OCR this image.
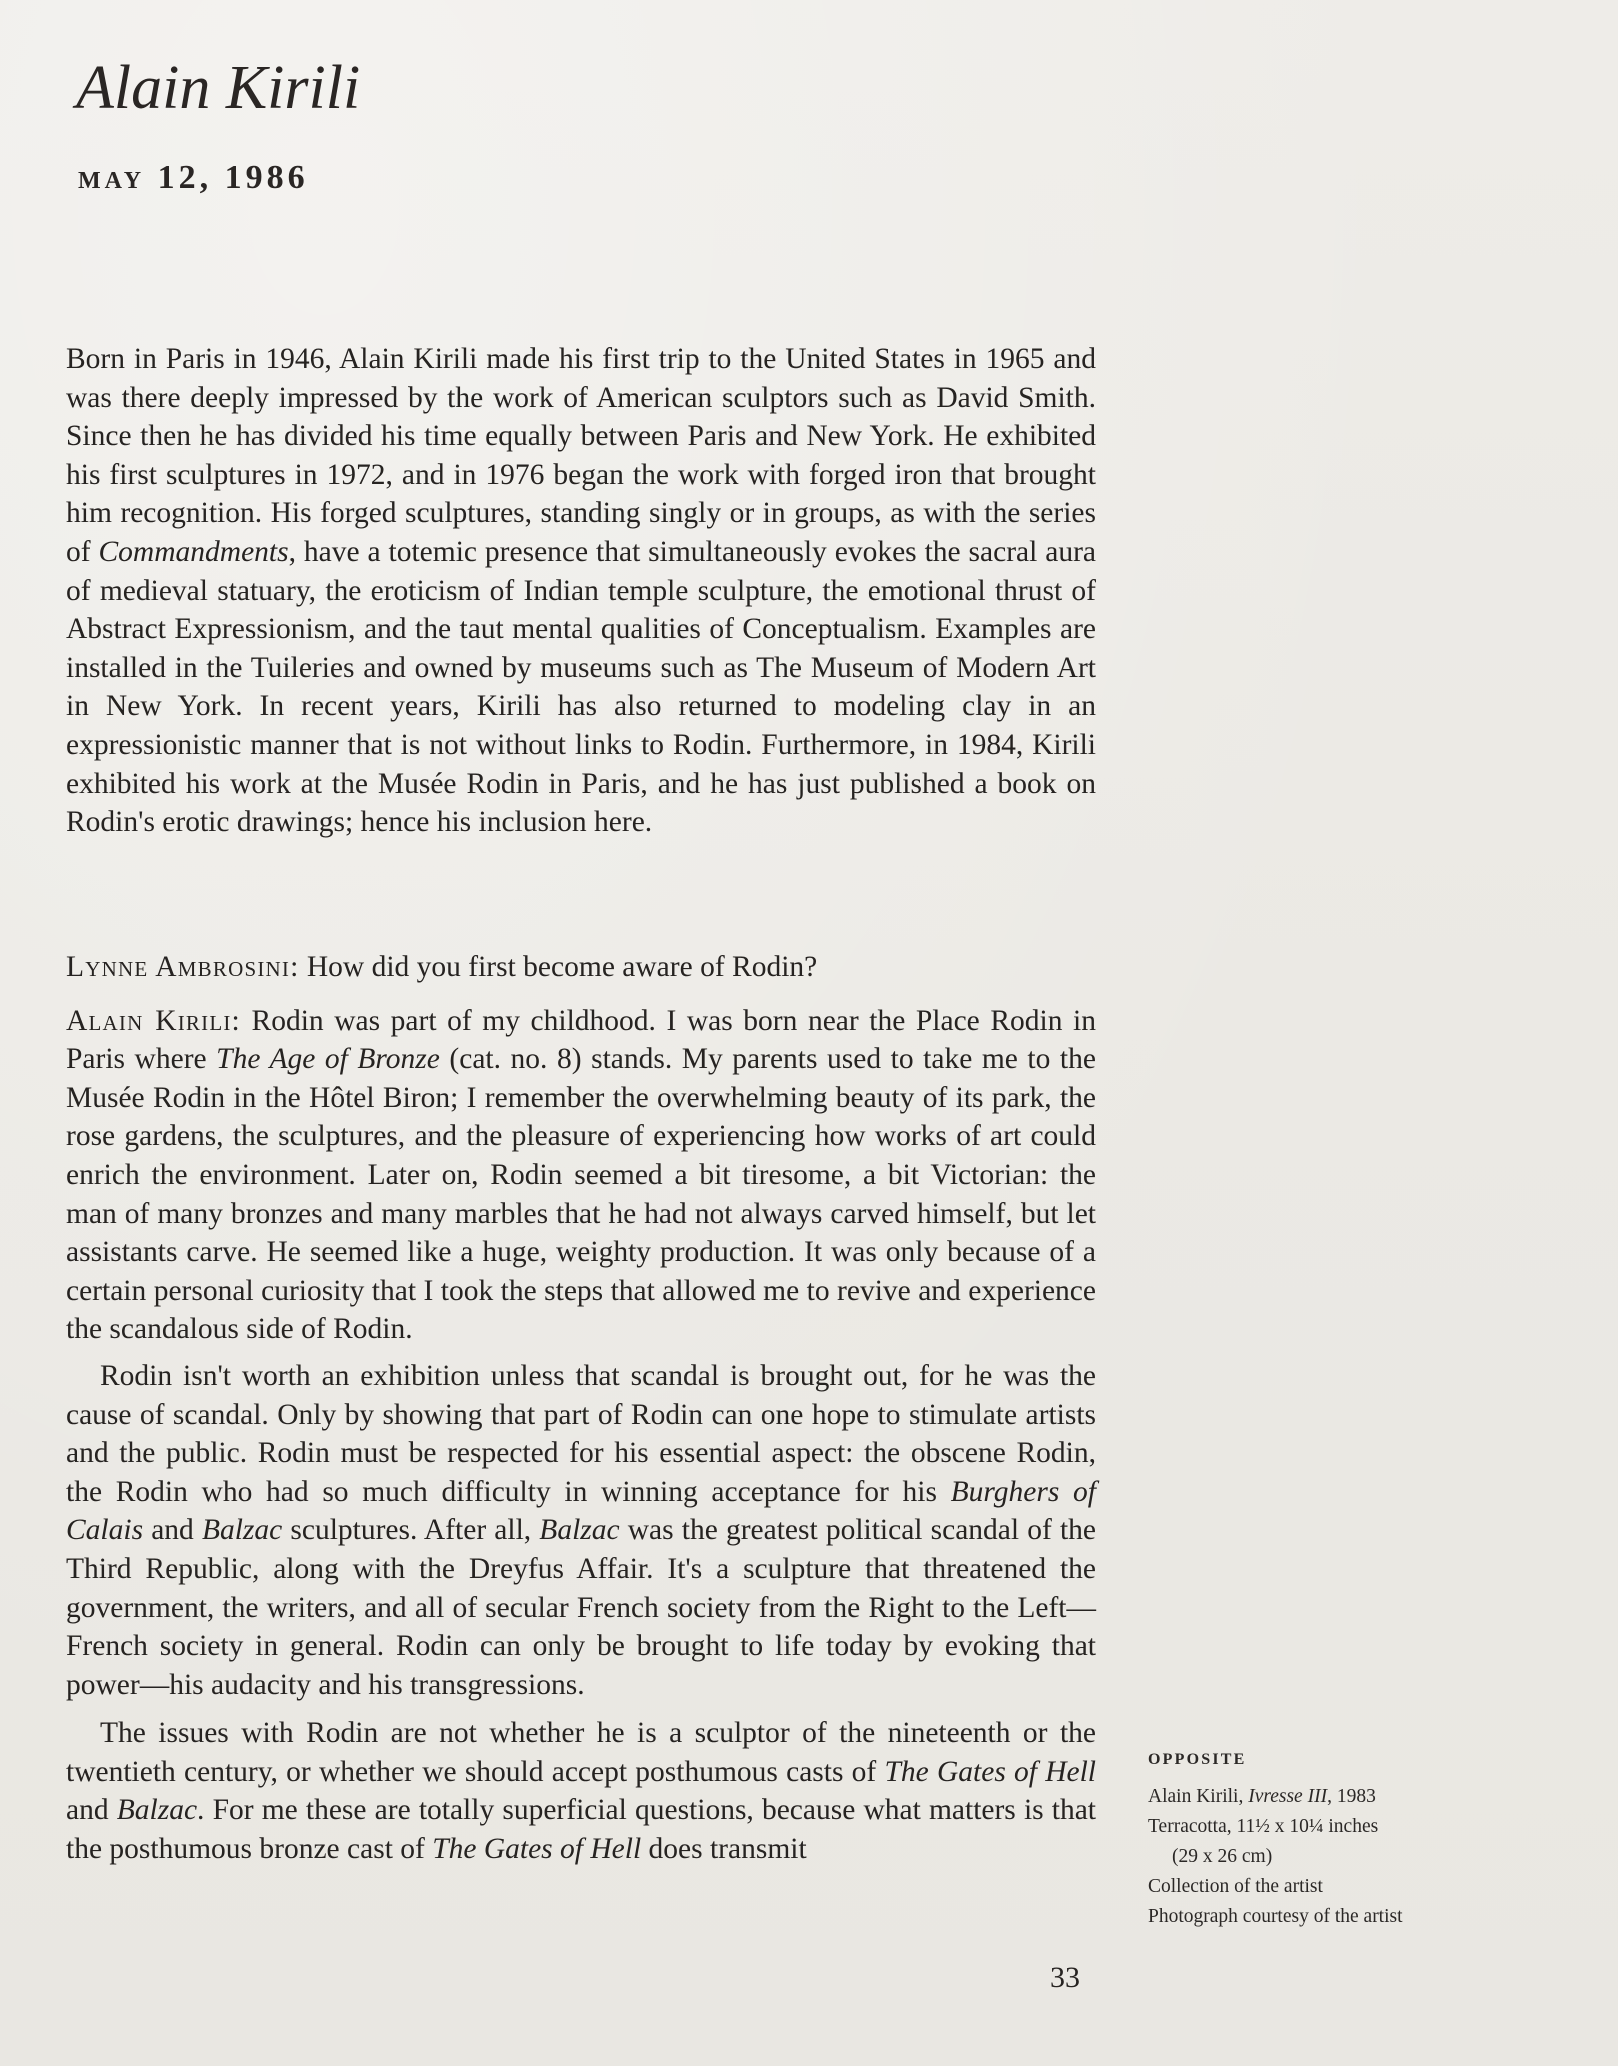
Alain Kirili
may 12, 1986

Born in Paris in 1946, Alain Kirili made his first trip to the United States in 1965 and was there deeply impressed by the work of American sculptors such as David Smith. Since then he has divided his time equally between Paris and New York. He exhibited his first sculptures in 1972, and in 1976 began the work with forged iron that brought him recognition. His forged sculptures, standing singly or in groups, as with the series of Commandments, have a totemic presence that simultaneously evokes the sacral aura of medieval statuary, the eroticism of Indian temple sculpture, the emotional thrust of Abstract Expressionism, and the taut mental qualities of Conceptualism. Examples are installed in the Tuileries and owned by museums such as The Museum of Modern Art in New York. In recent years, Kirili has also returned to modeling clay in an expressionistic manner that is not without links to Rodin. Furthermore, in 1984, Kirili exhibited his work at the Musée Rodin in Paris, and he has just published a book on Rodin's erotic drawings; hence his inclusion here.

Lynne Ambrosini: How did you first become aware of Rodin?

Alain Kirili: Rodin was part of my childhood. I was born near the Place Rodin in Paris where The Age of Bronze (cat. no. 8) stands. My parents used to take me to the Musée Rodin in the Hôtel Biron; I remember the overwhelming beauty of its park, the rose gardens, the sculptures, and the pleasure of experiencing how works of art could enrich the environment. Later on, Rodin seemed a bit tiresome, a bit Victorian: the man of many bronzes and many marbles that he had not always carved himself, but let assistants carve. He seemed like a huge, weighty production. It was only because of a certain personal curiosity that I took the steps that allowed me to revive and experience the scandalous side of Rodin.

Rodin isn't worth an exhibition unless that scandal is brought out, for he was the cause of scandal. Only by showing that part of Rodin can one hope to stimulate artists and the public. Rodin must be respected for his essential aspect: the obscene Rodin, the Rodin who had so much difficulty in winning acceptance for his Burghers of Calais and Balzac sculptures. After all, Balzac was the greatest political scandal of the Third Republic, along with the Dreyfus Affair. It's a sculpture that threatened the government, the writers, and all of secular French society from the Right to the Left—French society in general. Rodin can only be brought to life today by evoking that power—his audacity and his transgressions.

The issues with Rodin are not whether he is a sculptor of the nineteenth or the twentieth century, or whether we should accept posthumous casts of The Gates of Hell and Balzac. For me these are totally superficial questions, because what matters is that the posthumous bronze cast of The Gates of Hell does transmit

OPPOSITE
Alain Kirili, Ivresse III, 1983
Terracotta, 11½ x 10¼ inches
(29 x 26 cm)
Collection of the artist
Photograph courtesy of the artist
33
